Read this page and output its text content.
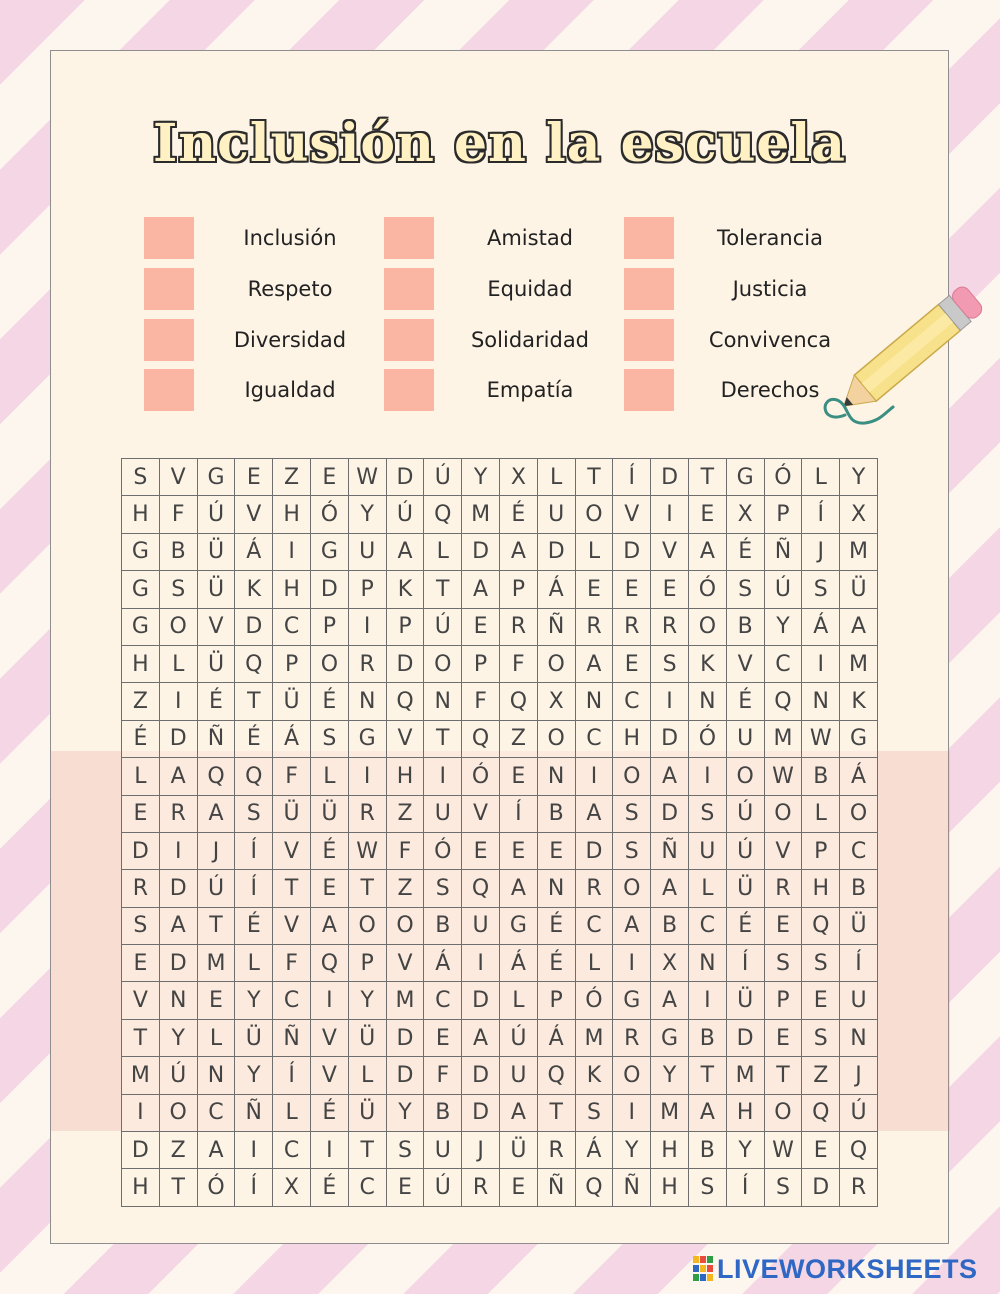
Inclusión en la escuela
Inclusión	Amistad	Tolerancia
Respeto	Equidad	Justicia
Diversidad	Solidaridad	Convivenca
Igualdad	Empatía	Derechos
S	V	G	E	Z	E	W	D	Ú	Y	X	L	T	Í	D	T	G	Ó	L	Y
H	F	Ú	V	H	Ó	Y	Ú	Q	M	É	U	O	V	I	E	X	P	Í	X
G	B	Ü	Á	I	G	U	A	L	D	A	D	L	D	V	A	É	Ñ	J	M
G	S	Ü	K	H	D	P	K	T	A	P	Á	E	E	E	Ó	S	Ú	S	Ü
G	O	V	D	C	P	I	P	Ú	E	R	Ñ	R	R	R	O	B	Y	Á	A
H	L	Ü	Q	P	O	R	D	O	P	F	O	A	E	S	K	V	C	I	M
Z	I	É	T	Ü	É	N	Q	N	F	Q	X	N	C	I	N	É	Q	N	K
É	D	Ñ	É	Á	S	G	V	T	Q	Z	O	C	H	D	Ó	U	M	W	G
L	A	Q	Q	F	L	I	H	I	Ó	E	N	I	O	A	I	O	W	B	Á
E	R	A	S	Ü	Ü	R	Z	U	V	Í	B	A	S	D	S	Ú	O	L	O
D	I	J	Í	V	É	W	F	Ó	E	E	E	D	S	Ñ	U	Ú	V	P	C
R	D	Ú	Í	T	E	T	Z	S	Q	A	N	R	O	A	L	Ü	R	H	B
S	A	T	É	V	A	O	O	B	U	G	É	C	A	B	C	É	E	Q	Ü
E	D	M	L	F	Q	P	V	Á	I	Á	É	L	I	X	N	Í	S	S	Í
V	N	E	Y	C	I	Y	M	C	D	L	P	Ó	G	A	I	Ü	P	E	U
T	Y	L	Ü	Ñ	V	Ü	D	E	A	Ú	Á	M	R	G	B	D	E	S	N
M	Ú	N	Y	Í	V	L	D	F	D	U	Q	K	O	Y	T	M	T	Z	J
I	O	C	Ñ	L	É	Ü	Y	B	D	A	T	S	I	M	A	H	O	Q	Ú
D	Z	A	I	C	I	T	S	U	J	Ü	R	Á	Y	H	B	Y	W	E	Q
H	T	Ó	Í	X	É	C	E	Ú	R	E	Ñ	Q	Ñ	H	S	Í	S	D	R
LIVEWORKSHEETS
